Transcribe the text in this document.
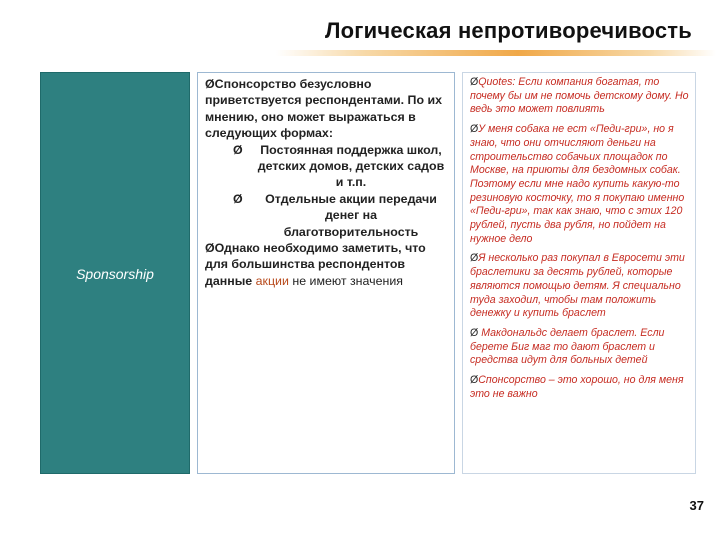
Логическая непротиворечивость
Sponsorship

ØСпонсорство безусловно приветствуется респондентами. По их мнению, оно может выражаться в следующих формах:

Ø	Постоянная поддержка школ, детских домов, детских садов и т.п.
Ø	Отдельные акции передачи денег на благотворительность

ØОднако необходимо заметить, что для большинства респондентов данные акции не имеют значения

ØQuotes: Если компания богатая, то почему бы им не помочь детскому дому. Но ведь это может повлиять

ØУ меня собака не ест «Педи-гри», но я знаю, что они отчисляют деньги на строительство собачьих площадок по Москве, на приюты для бездомных собак. Поэтому если мне надо купить какую-то резиновую косточку, то я покупаю именно «Педи-гри», так как знаю, что с этих 120 рублей, пусть два рубля, но пойдет на нужное дело

ØЯ несколько раз покупал в Евросети эти браслетики за десять рублей, которые являются помощью детям. Я специально туда заходил, чтобы там положить денежку и купить браслет

Ø Макдональдс делает браслет. Если берете Биг маг то дают браслет и средства идут для больных детей

ØСпонсорство – это хорошо, но для меня это не важно

37
